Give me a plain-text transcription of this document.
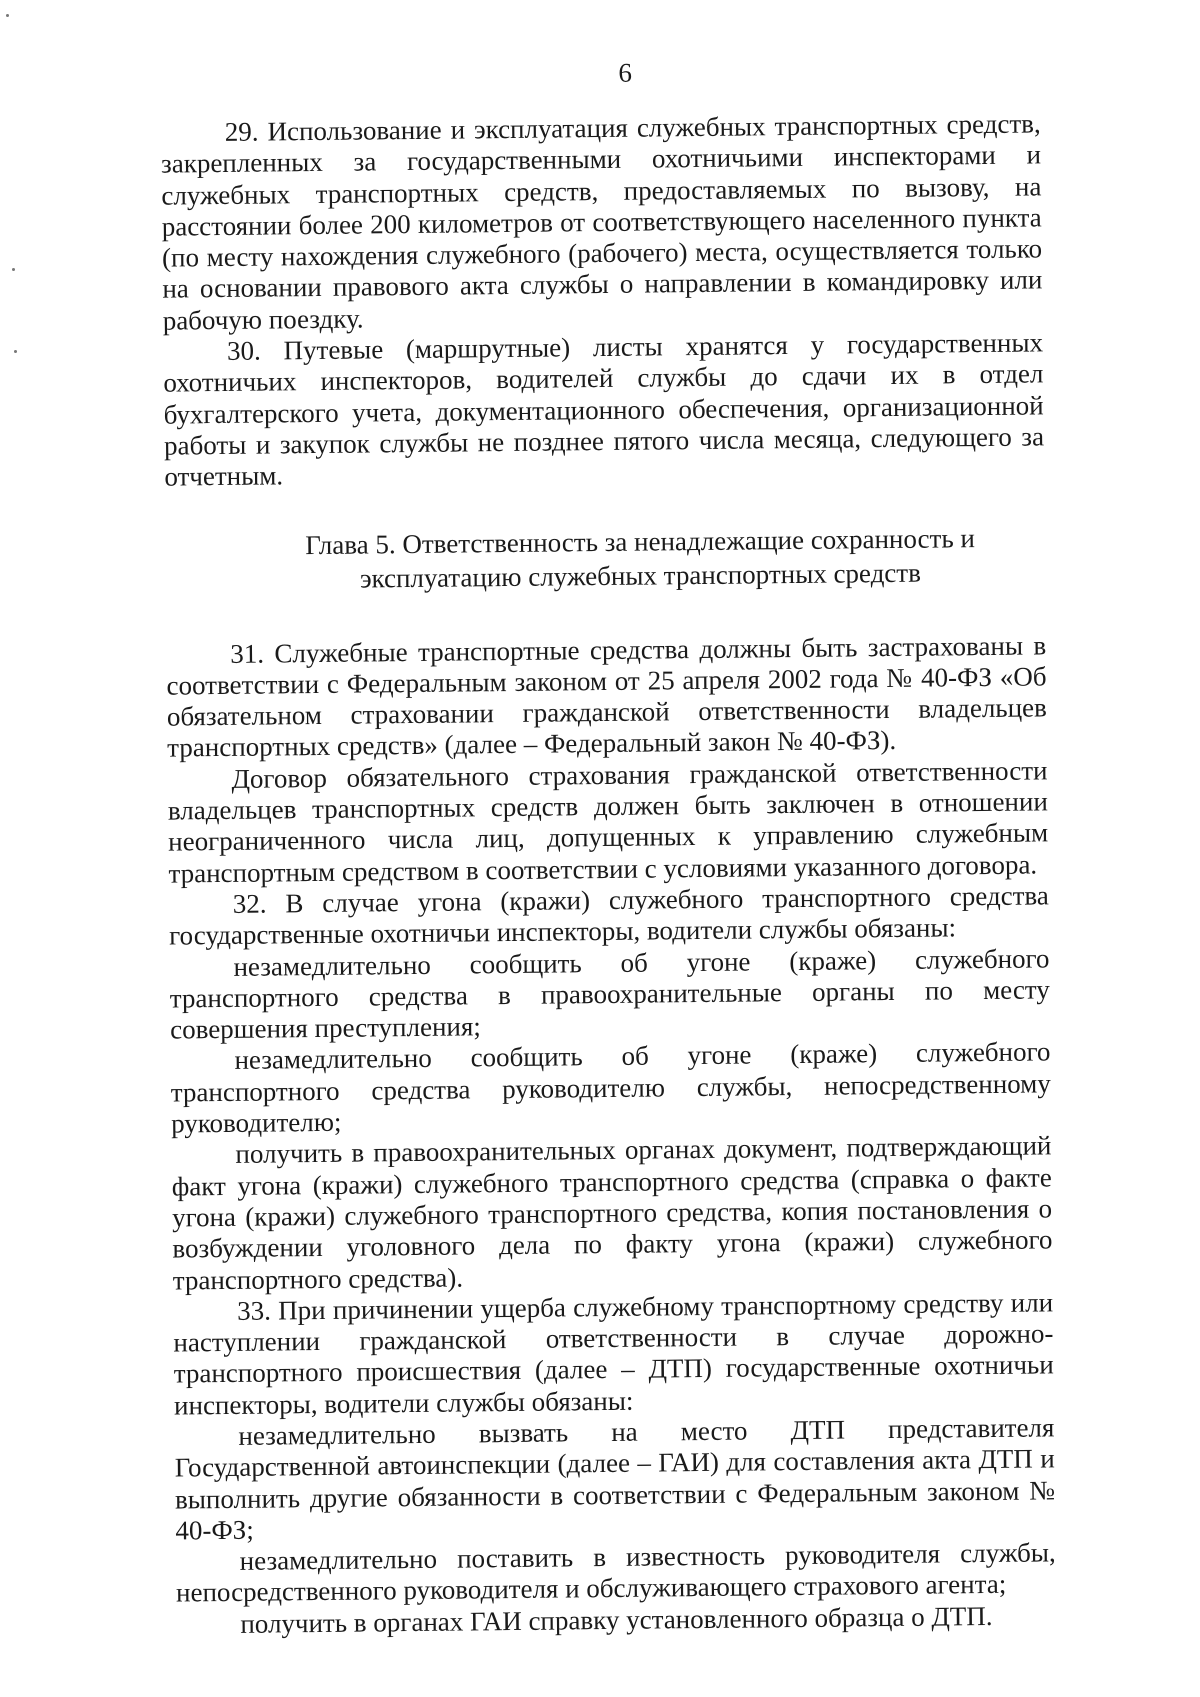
6

29. Использование и эксплуатация служебных транспортных средств, закрепленных за государственными охотничьими инспекторами и служебных транспортных средств, предоставляемых по вызову, на расстоянии более 200 километров от соответствующего населенного пункта (по месту нахождения служебного (рабочего) места, осуществляется только на основании правового акта службы о направлении в командировку или рабочую поездку.

30. Путевые (маршрутные) листы хранятся у государственных охотничьих инспекторов, водителей службы до сдачи их в отдел бухгалтерского учета, документационного обеспечения, организационной работы и закупок службы не позднее пятого числа месяца, следующего за отчетным.

Глава 5. Ответственность за ненадлежащие сохранность и
эксплуатацию служебных транспортных средств

31. Служебные транспортные средства должны быть застрахованы в соответствии с Федеральным законом от 25 апреля 2002 года № 40-ФЗ «Об обязательном страховании гражданской ответственности владельцев транспортных средств» (далее – Федеральный закон № 40-ФЗ).

Договор обязательного страхования гражданской ответственности владельцев транспортных средств должен быть заключен в отношении неограниченного числа лиц, допущенных к управлению служебным транспортным средством в соответствии с условиями указанного договора.

32. В случае угона (кражи) служебного транспортного средства государственные охотничьи инспекторы, водители службы обязаны:

незамедлительно сообщить об угоне (краже) служебного транспортного средства в правоохранительные органы по месту совершения преступления;

незамедлительно сообщить об угоне (краже) служебного транспортного средства руководителю службы, непосредственному руководителю;

получить в правоохранительных органах документ, подтверждающий факт угона (кражи) служебного транспортного средства (справка о факте угона (кражи) служебного транспортного средства, копия постановления о возбуждении уголовного дела по факту угона (кражи) служебного транспортного средства).

33. При причинении ущерба служебному транспортному средству или наступлении гражданской ответственности в случае дорожно-транспортного происшествия (далее – ДТП) государственные охотничьи инспекторы, водители службы обязаны:

незамедлительно вызвать на место ДТП представителя Государственной автоинспекции (далее – ГАИ) для составления акта ДТП и выполнить другие обязанности в соответствии с Федеральным законом № 40-ФЗ;

незамедлительно поставить в известность руководителя службы, непосредственного руководителя и обслуживающего страхового агента;

получить в органах ГАИ справку установленного образца о ДТП.
